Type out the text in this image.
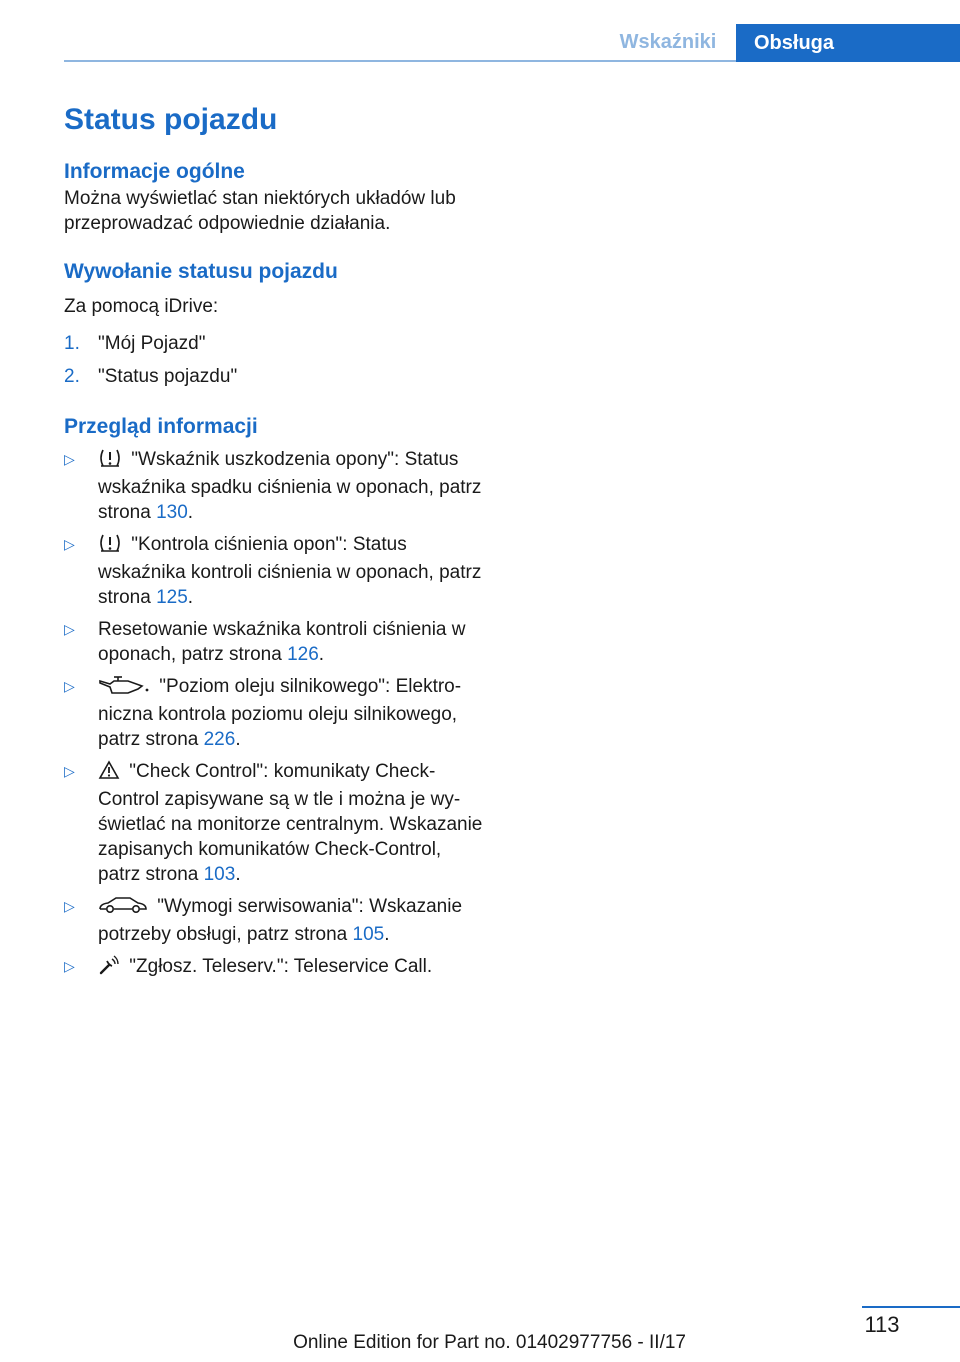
Wskaźniki	Obsługa
Status pojazdu
Informacje ogólne

Można wyświetlać stan niektórych układów lub przeprowadzać odpowiednie działania.

Wywołanie statusu pojazdu

Za pomocą iDrive:

1. "Mój Pojazd"
2. "Status pojazdu"
Przegląd informacji
▷	"Wskaźnik uszkodzenia opony": Status wskaźnika spadku ciśnienia w oponach, patrz strona 130.
▷	"Kontrola ciśnienia opon": Status wskaźnika kontroli ciśnienia w oponach, patrz strona 125.
▷ Resetowanie wskaźnika kontroli ciśnienia w oponach, patrz strona 126.
▷	"Poziom oleju silnikowego": Elektroniczna kontrola poziomu oleju silnikowego, patrz strona 226.
▷	"Check Control": komunikaty Check-Control zapisywane są w tle i można je wyświetlać na monitorze centralnym. Wskazanie zapisanych komunikatów Check-Control, patrz strona 103.
▷	"Wymogi serwisowania": Wskazanie potrzeby obsługi, patrz strona 105.
▷	"Zgłosz. Teleserv.": Teleservice Call.
113
Online Edition for Part no. 01402977756 - II/17
